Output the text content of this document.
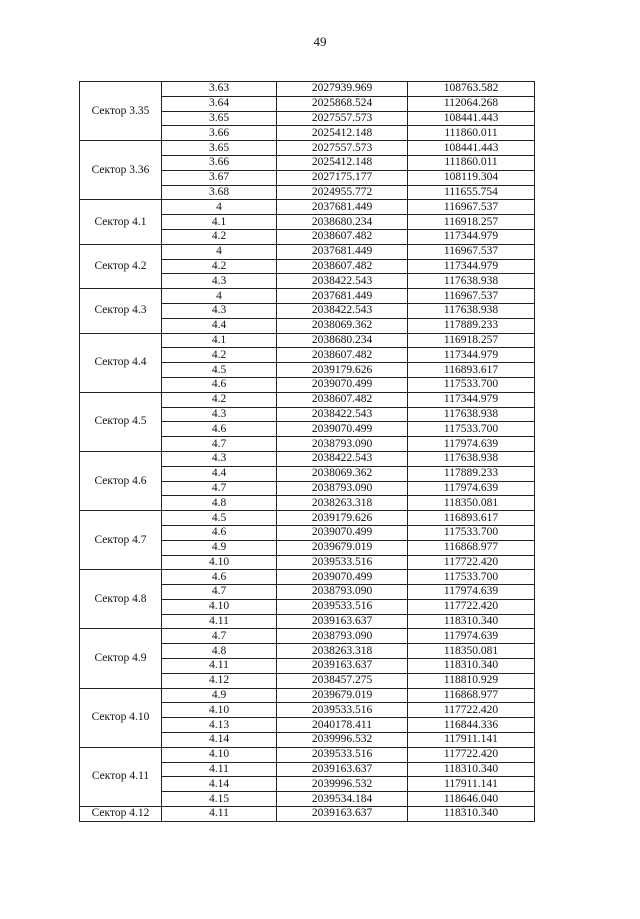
49
Сектор 3.35	3.63	2027939.969	108763.582
	3.64	2025868.524	112064.268
	3.65	2027557.573	108441.443
	3.66	2025412.148	111860.011
Сектор 3.36	3.65	2027557.573	108441.443
	3.66	2025412.148	111860.011
	3.67	2027175.177	108119.304
	3.68	2024955.772	111655.754
Сектор 4.1	4	2037681.449	116967.537
	4.1	2038680.234	116918.257
	4.2	2038607.482	117344.979
Сектор 4.2	4	2037681.449	116967.537
	4.2	2038607.482	117344.979
	4.3	2038422.543	117638.938
Сектор 4.3	4	2037681.449	116967.537
	4.3	2038422.543	117638.938
	4.4	2038069.362	117889.233
Сектор 4.4	4.1	2038680.234	116918.257
	4.2	2038607.482	117344.979
	4.5	2039179.626	116893.617
	4.6	2039070.499	117533.700
Сектор 4.5	4.2	2038607.482	117344.979
	4.3	2038422.543	117638.938
	4.6	2039070.499	117533.700
	4.7	2038793.090	117974.639
Сектор 4.6	4.3	2038422.543	117638.938
	4.4	2038069.362	117889.233
	4.7	2038793.090	117974.639
	4.8	2038263.318	118350.081
Сектор 4.7	4.5	2039179.626	116893.617
	4.6	2039070.499	117533.700
	4.9	2039679.019	116868.977
	4.10	2039533.516	117722.420
Сектор 4.8	4.6	2039070.499	117533.700
	4.7	2038793.090	117974.639
	4.10	2039533.516	117722.420
	4.11	2039163.637	118310.340
Сектор 4.9	4.7	2038793.090	117974.639
	4.8	2038263.318	118350.081
	4.11	2039163.637	118310.340
	4.12	2038457.275	118810.929
Сектор 4.10	4.9	2039679.019	116868.977
	4.10	2039533.516	117722.420
	4.13	2040178.411	116844.336
	4.14	2039996.532	117911.141
Сектор 4.11	4.10	2039533.516	117722.420
	4.11	2039163.637	118310.340
	4.14	2039996.532	117911.141
	4.15	2039534.184	118646.040
Сектор 4.12	4.11	2039163.637	118310.340
